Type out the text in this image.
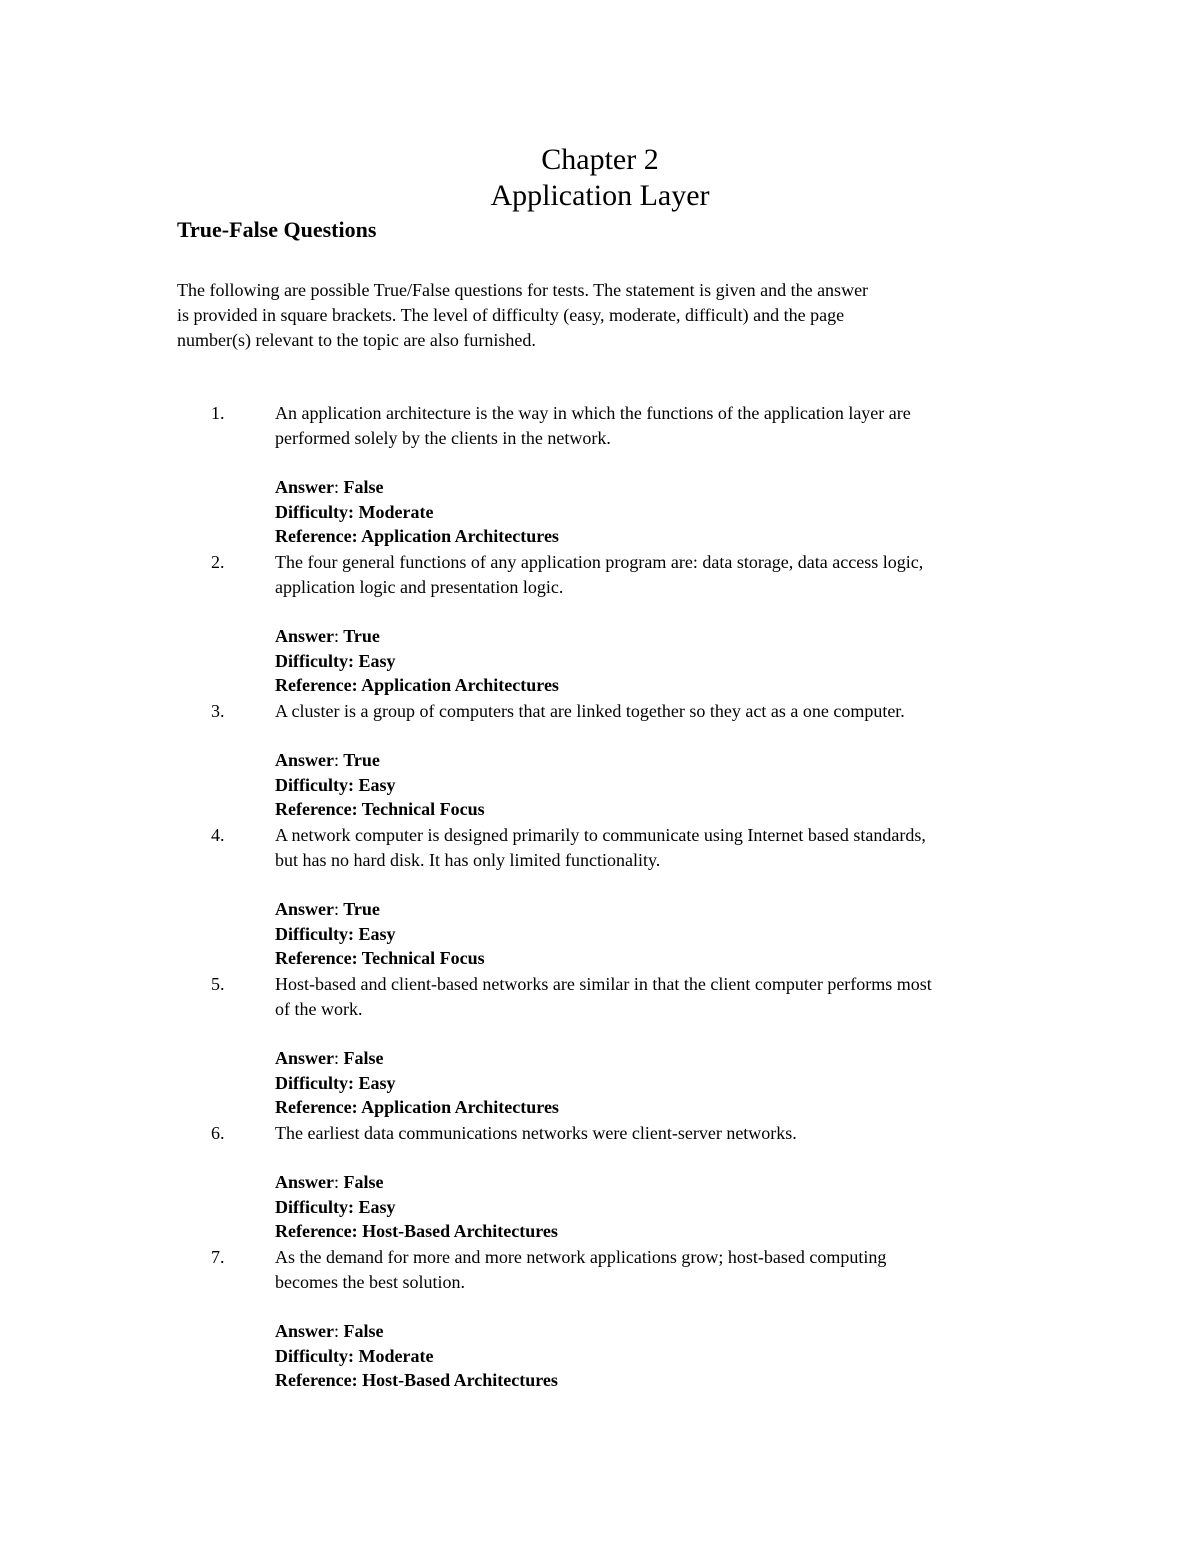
Chapter 2
Application Layer
True-False Questions
The following are possible True/False questions for tests. The statement is given and the answer
is provided in square brackets. The level of difficulty (easy, moderate, difficult) and the page
number(s) relevant to the topic are also furnished.
1.	An application architecture is the way in which the functions of the application layer are
performed solely by the clients in the network.
Answer: False
Difficulty: Moderate
Reference: Application Architectures
2.	The four general functions of any application program are: data storage, data access logic,
application logic and presentation logic.
Answer: True
Difficulty: Easy
Reference: Application Architectures
3.	A cluster is a group of computers that are linked together so they act as a one computer.
Answer: True
Difficulty: Easy
Reference: Technical Focus
4.	A network computer is designed primarily to communicate using Internet based standards,
but has no hard disk. It has only limited functionality.
Answer: True
Difficulty: Easy
Reference: Technical Focus
5.	Host-based and client-based networks are similar in that the client computer performs most
of the work.
Answer: False
Difficulty: Easy
Reference: Application Architectures
6.	The earliest data communications networks were client-server networks.
Answer: False
Difficulty: Easy
Reference: Host-Based Architectures
7.	As the demand for more and more network applications grow; host-based computing
becomes the best solution.
Answer: False
Difficulty: Moderate
Reference: Host-Based Architectures
